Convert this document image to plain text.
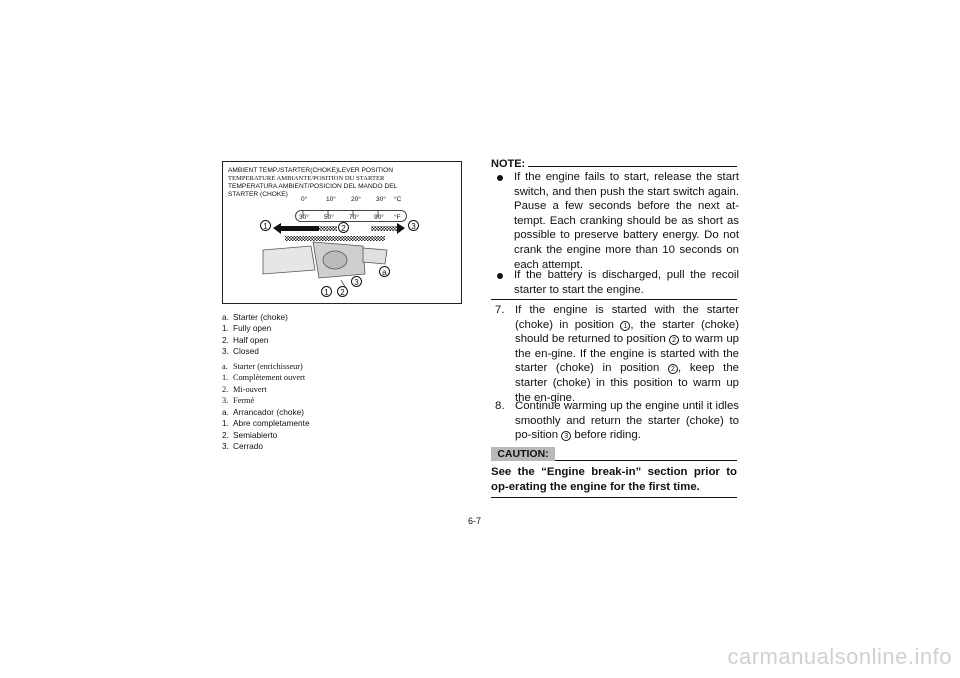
AMBIENT TEMP./STARTER(CHOKE)LEVER POSITION
TEMPERATURE AMBIANTE/POSITION DU STARTER
TEMPERATURA AMBIENT/POSICION DEL MANDO DEL
STARTER (CHOKE)
0°	10° 20° 30° °C
30° 50° 70° 90° °F
1	2	3
a
1	2
3
a. Starter (choke)
1. Fully open
2. Half open
3. Closed
a. Starter (enrichisseur)
1. Complètement ouvert
2. Mi-ouvert
3. Fermé
a. Arrancador (choke)
1. Abre completamente
2. Semiabierto
3. Cerrado
NOTE:
If the engine fails to start, release the start switch, and then push the start switch again. Pause a few seconds before the next at-tempt. Each cranking should be as short as possible to preserve battery energy. Do not crank the engine more than 10 seconds on each attempt.
If the battery is discharged, pull the recoil starter to start the engine.
7. If the engine is started with the starter (choke) in position 1 , the starter (choke) should be returned to position 2 to warm up the en-gine. If the engine is started with the starter (choke) in position 2 , keep the starter (choke) in this position to warm up the en-gine.
8. Continue warming up the engine until it idles smoothly and return the starter (choke) to po-sition 3 before riding.
CAUTION:
See the “Engine break-in” section prior to op-erating the engine for the first time.
6-7
carmanualsonline.info
